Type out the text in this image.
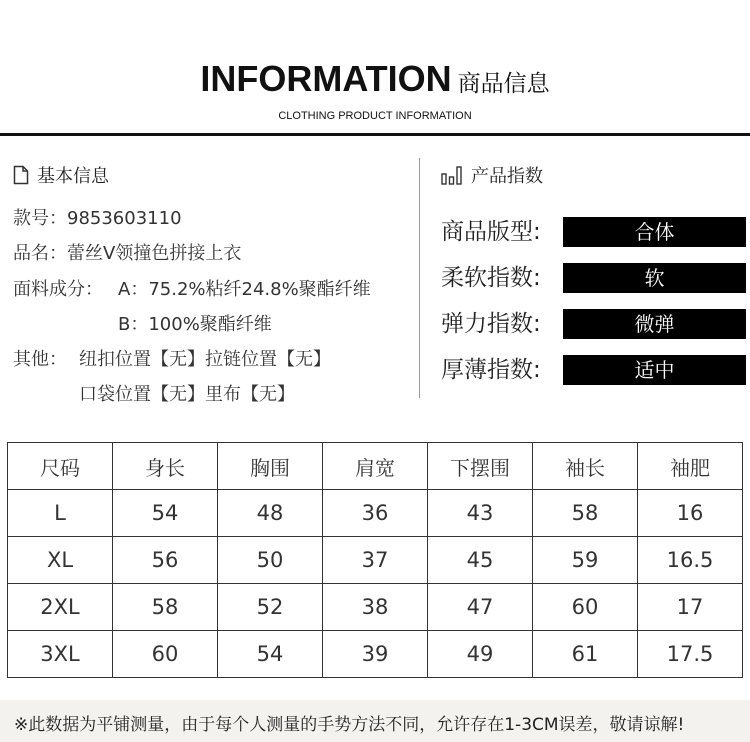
INFORMATION 商品信息
CLOTHING PRODUCT INFORMATION
基本信息
款号：9853603110
品名：蕾丝V领撞色拼接上衣
面料成分： A：75.2%粘纤24.8%聚酯纤维
B：100%聚酯纤维
其他： 纽扣位置【无】拉链位置【无】
口袋位置【无】里布【无】
产品指数
商品版型:	合体
柔软指数:	软
弹力指数:	微弹
厚薄指数:	适中
尺码	身长	胸围	肩宽	下摆围	袖长	袖肥
L	54	48	36	43	58	16
XL	56	50	37	45	59	16.5
2XL	58	52	38	47	60	17
3XL	60	54	39	49	61	17.5
※此数据为平铺测量，由于每个人测量的手势方法不同，允许存在1-3CM误差，敬请谅解!
